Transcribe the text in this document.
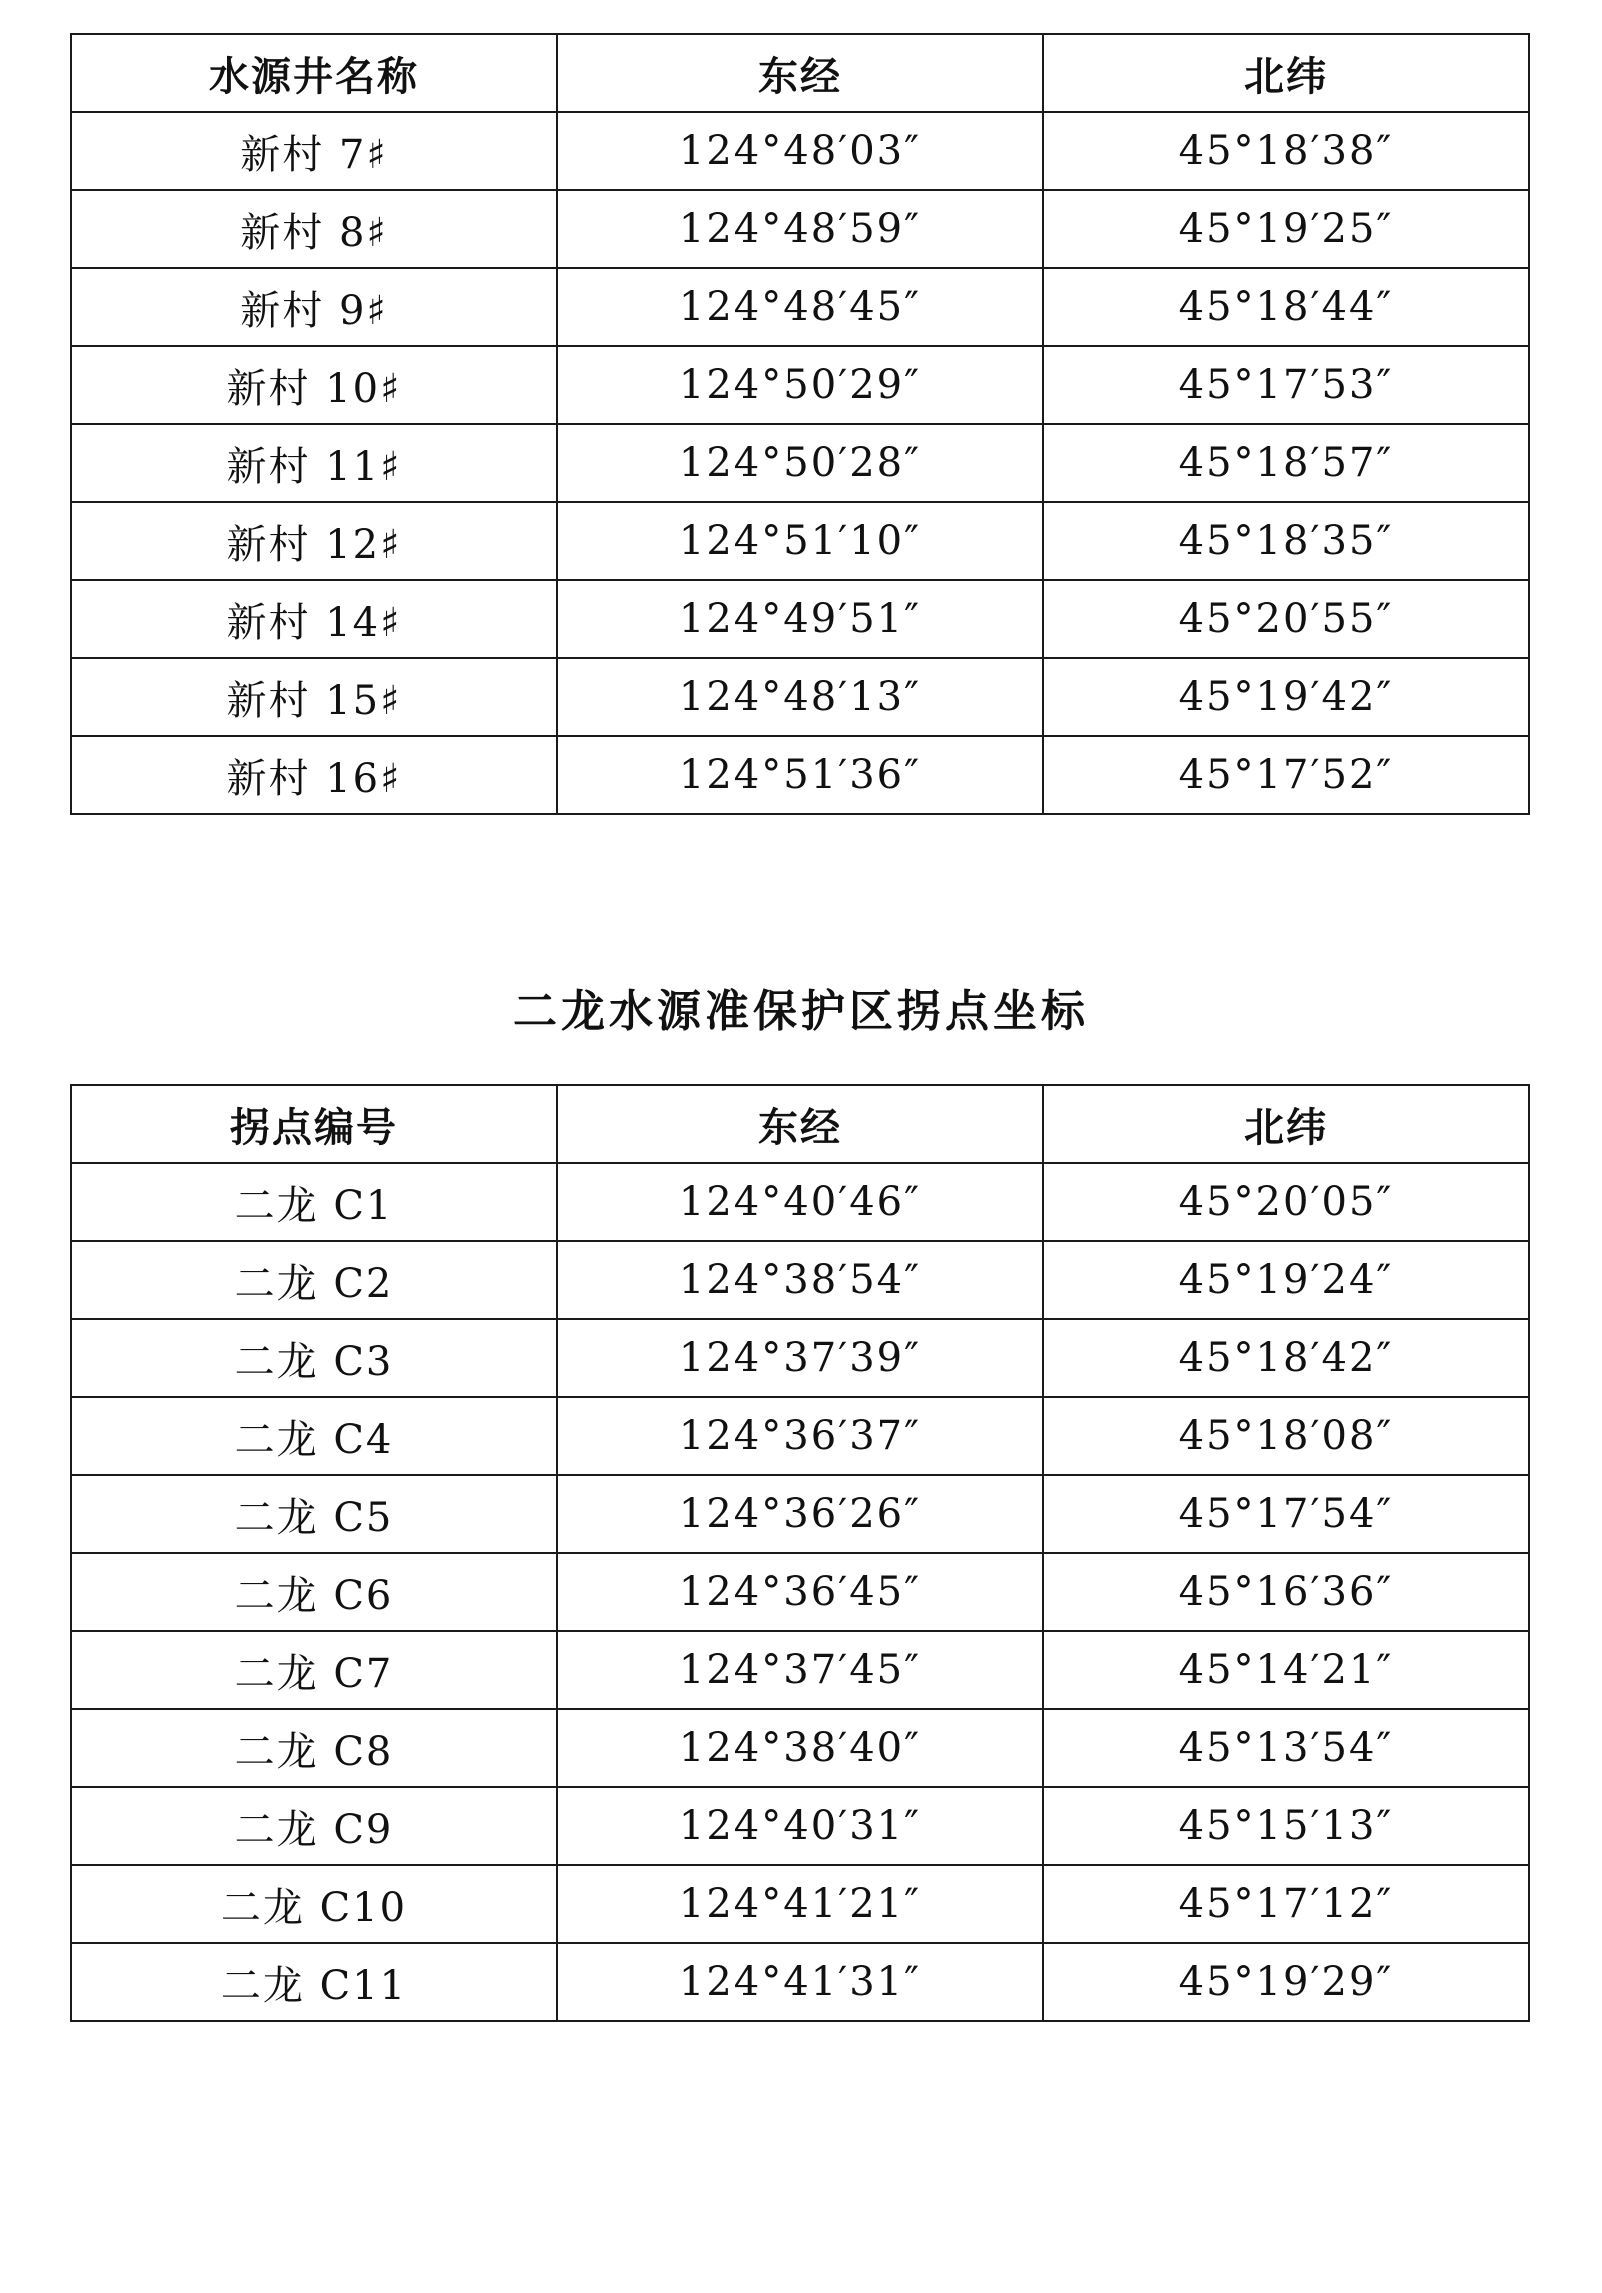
水源井名称	东经	北纬
新村 7♯	124°48′03″	45°18′38″
新村 8♯	124°48′59″	45°19′25″
新村 9♯	124°48′45″	45°18′44″
新村 10♯	124°50′29″	45°17′53″
新村 11♯	124°50′28″	45°18′57″
新村 12♯	124°51′10″	45°18′35″
新村 14♯	124°49′51″	45°20′55″
新村 15♯	124°48′13″	45°19′42″
新村 16♯	124°51′36″	45°17′52″
二龙水源准保护区拐点坐标
拐点编号	东经	北纬
二龙 C1	124°40′46″	45°20′05″
二龙 C2	124°38′54″	45°19′24″
二龙 C3	124°37′39″	45°18′42″
二龙 C4	124°36′37″	45°18′08″
二龙 C5	124°36′26″	45°17′54″
二龙 C6	124°36′45″	45°16′36″
二龙 C7	124°37′45″	45°14′21″
二龙 C8	124°38′40″	45°13′54″
二龙 C9	124°40′31″	45°15′13″
二龙 C10	124°41′21″	45°17′12″
二龙 C11	124°41′31″	45°19′29″
